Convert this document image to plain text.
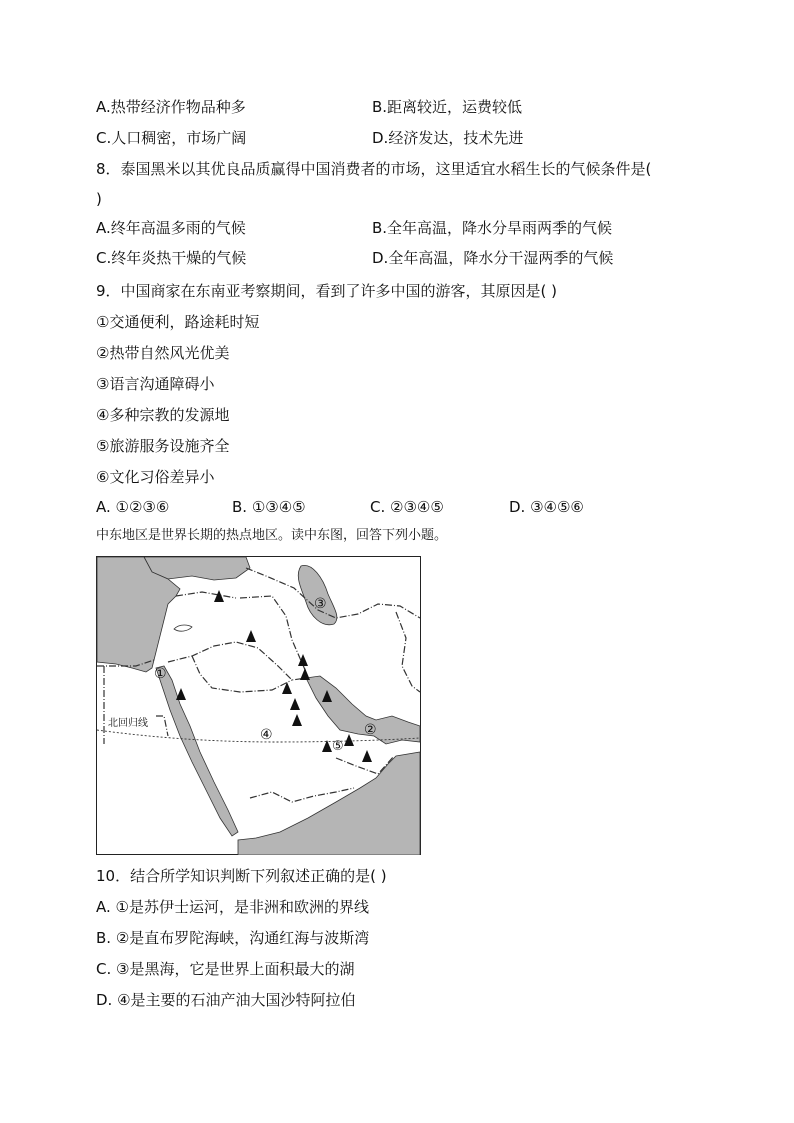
A.热带经济作物品种多	B.距离较近，运费较低
C.人口稠密，市场广阔	D.经济发达，技术先进
8．泰国黑米以其优良品质赢得中国消费者的市场，这里适宜水稻生长的气候条件是(
)
A.终年高温多雨的气候	B.全年高温，降水分旱雨两季的气候
C.终年炎热干燥的气候	D.全年高温，降水分干湿两季的气候
9．中国商家在东南亚考察期间，看到了许多中国的游客，其原因是( )
①交通便利，路途耗时短
②热带自然风光优美
③语言沟通障碍小
④多种宗教的发源地
⑤旅游服务设施齐全
⑥文化习俗差异小
A. ①②③⑥	B. ①③④⑤	C. ②③④⑤	D. ③④⑤⑥
中东地区是世界长期的热点地区。读中东图，回答下列小题。
北回归线
①
②
③
④
⑤
10．结合所学知识判断下列叙述正确的是( )
A. ①是苏伊士运河，是非洲和欧洲的界线
B. ②是直布罗陀海峡，沟通红海与波斯湾
C. ③是黑海，它是世界上面积最大的湖
D. ④是主要的石油产油大国沙特阿拉伯
